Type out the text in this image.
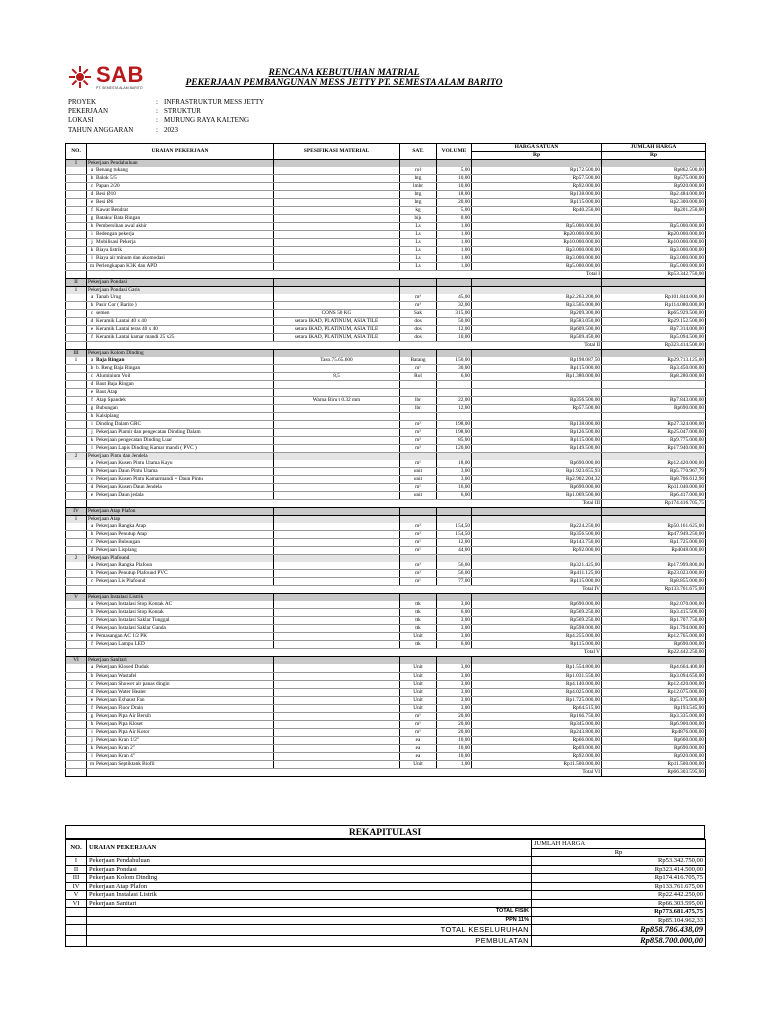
SAB
PT. SEMESTA ALAM BARITO
RENCANA KEBUTUHAN MATRIAL
PEKERJAAN PEMBANGUNAN MESS JETTY PT. SEMESTA ALAM BARITO
PROYEK	: INFRASTRUKTUR MESS JETTY
PEKERJAAN	: STRUKTUR
LOKASI	: MURUNG RAYA KALTENG
TAHUN ANGGARAN	: 2023
NO.	URAIAN PEKERJAAN	SPESIFIKASI MATERIAL	SAT.	VOLUME	HARGA SATUAN	JUMLAH HARGA
					Rp	Rp
I	Pekerjaan Pendahuluan					
	a Benang tukang		rol	5,00	Rp172.500,00	Rp862.500,00
	b Balok 5/5		btg	10,00	Rp57.500,00	Rp575.000,00
	c Papan 2/20		lmbr	10,00	Rp92.000,00	Rp920.000,00
	d Besi Ø10		btg	18,00	Rp138.000,00	Rp2.484.000,00
	e Besi Ø6		btg	20,00	Rp115.000,00	Rp2.300.000,00
	f Kawat Bendrat		kg	5,00	Rp40.250,00	Rp201.250,00
	g Bataku/ Bata Ringan		bijı	0,00		
	h Pembersihan awal akhir		Ls	1,00	Rp5.000.000,00	Rp5.000.000,00
	i Bedengan pekerja		Ls	1,00	Rp20.000.000,00	Rp20.000.000,00
	j Mobilisasi Pekerja		Ls	1,00	Rp10.000.000,00	Rp10.000.000,00
	k Biaya listrik		Ls	1,00	Rp3.000.000,00	Rp3.000.000,00
	l Biaya air minum dan akomodasi		Ls	1,00	Rp3.000.000,00	Rp3.000.000,00
	m Perlengkapan K3K dan APD		Ls	1,00	Rp5.000.000,00	Rp5.000.000,00
	Total I					Rp53.342.750,00
II	Pekerjaan Pondasi					
1	Pekerjaan Pondasi Garis					
	a Tanah Urug		m³	45,00	Rp2.263.200,00	Rp101.844.000,00
	b Pasir Cor ( Barito )		m³	32,00	Rp3.565.000,00	Rp114.080.000,00
	c semen	CONS 50 KG	Sak	315,00	Rp209.300,00	Rp65.929.500,00
	d Keramik Lantai 40 x 40	setara IKAD, PLATINUM, ASIA TILE	dos	50,00	Rp583.050,00	Rp29.152.500,00
	e Keramik Lantai teras 40 x 40	setara IKAD, PLATINUM, ASIA TILE	dos	12,00	Rp609.500,00	Rp7.314.000,00
	f Keramik Lantai kamar mandi 25 x25	setara IKAD, PLATINUM, ASIA TILE	dos	10,00	Rp509.450,00	Rp5.094.500,00
	Total II					Rp323.414.500,00
III	Pekerjaan Kolom Dinding					
1	a Baja Ringan	Taso.75.65.600	Batang	150,00	Rp198.087,50	Rp29.713.125,00
	b b. Reng Baja Ringan		m¹	30,00	Rp115.000,00	Rp3.450.000,00
	c Aluminium Voil	8,5	Rol	6,00	Rp1.380.000,00	Rp8.280.000,00
	d Baut Baja Ringan					
	e Baut Atap					
	f Atap Spandek	Warna Biru t 0.32 mm	lbr	22,00	Rp356.500,00	Rp7.843.000,00
	g Bubungan		lbr	12,00	Rp57.500,00	Rp690.000,00
	h Kalsiplang					
	i Dinding Dalam GRC		m²	198,00	Rp138.000,00	Rp27.324.000,00
	j Pekerjaan Plamir dan pengecatan Dinding Dalam		m²	198,00	Rp126.500,00	Rp25.047.000,00
	k Pekerjaan pengecatan Dinding Luar		m²	85,00	Rp115.000,00	Rp9.775.000,00
	l Pekerjaan Lapis Dinding Kamar mandi ( PVC )		m²	120,00	Rp149.500,00	Rp17.940.000,00
2	Pekerjaan Pintu dan Jendela					
	a Pekerjaan Kusen Pintu Utama Kayu		m¹	18,00	Rp690.000,00	Rp12.420.000,00
	b Pekerjaan Daun Pintu Utama		unit	3,00	Rp1.923.655,93	Rp5.770.967,79
	c Pekerjaan Kusen Pintu Kamarmandi + Daun Pintu		unit	3,00	Rp2.902.204,32	Rp8.706.612,96
	d Pekerjaan Kusen Daun Jendela		m¹	16,00	Rp690.000,00	Rp11.040.000,00
	e Pekerjaan Daun jedala		unit	6,00	Rp1.069.500,00	Rp6.417.000,00
	Total III					Rp174.416.705,75
IV	Pekerjaan Atap Plafon					
1	Pekerjaan Atap					
	a Pekerjaan Rangka Atap		m²	154,50	Rp224.250,00	Rp50.161.625,00
	b Pekerjaan Penutup Atap		m²	154,50	Rp356.500,00	Rp47.949.250,00
	c Pekerjaan Bubungan		m¹	12,00	Rp143.750,00	Rp1.725.000,00
	d Pekerjaan Lisplang		m¹	44,00	Rp92.000,00	Rp4048.000,00
2	Pekerjaan Plafound					
	a Pekerjaan Rangka Plafoun		m²	56,00	Rp321.425,00	Rp17.999.800,00
	b Pekerjaan Penutup Plafound PVC		m²	56,00	Rp411.125,00	Rp23.023.000,00
	c Pekerjaan Lis Plafound		m¹	77,00	Rp115.000,00	Rp8.855.000,00
	Total IV					Rp133.761.675,00
V	Pekerjaan Instalasi Listrik					
	a Pekerjaan Instalasi Stop Kontak AC		ttk	3,00	Rp690.000,00	Rp2.070.000,00
	b Pekerjaan Instalasi Stop Kontak		ttk	6,00	Rp569.250,00	Rp3.415.500,00
	c Pekerjaan Instalasi Saklar Tunggal		ttk	3,00	Rp569.250,00	Rp1.707.750,00
	d Pekerjaan Instalasi Saklar Ganda		ttk	3,00	Rp598.000,00	Rp1.794.000,00
	e Pemasangan AC 1/2 PK		Unit	3,00	Rp4.255.000,00	Rp12.765.000,00
	f Pekerjaan Lampu LED		ttk	6,00	Rp115.000,00	Rp690.000,00
	Total V					Rp22.442.250,00
VI	Pekerjaan Sanitari					
	a Pekerjaan Klosed Duduk		Unit	3,00	Rp1.554.800,00	Rp4.664.400,00
	b Pekerjaan Wastafel		Unit	3,00	Rp1.031.550,00	Rp3.094.650,00
	c Pekerjaan Shower air panas dingin		Unit	3,00	Rp4.140.000,00	Rp12.420.000,00
	d Pekerjaan Water Heater		Unit	3,00	Rp4.025.000,00	Rp12.075.000,00
	e Pekerjaan Exhaust Fan		Unit	3,00	Rp1.725.000,00	Rp5.175.000,00
	f Pekerjaan Floor Drain		Unit	3,00	Rp64.515,00	Rp193.545,00
	g Pekerjaan Pipa Air Bersih		m¹	20,00	Rp166.750,00	Rp3.335.000,00
	h Pekerjaan Pipa Kloset		m¹	20,00	Rp345.000,00	Rp6.900.000,00
	i Pekerjaan Pipa Air Kotor		m¹	20,00	Rp243.800,00	Rp4876.000,00
	j Pekerjaan Kran 1/2"		ea	10,00	Rp66.000,00	Rp660.000,00
	k Pekerjaan Kran 2"		ea	10,00	Rp69.000,00	Rp690.000,00
	l Pekerjaan Kran 4"		ea	10,00	Rp92.000,00	Rp920.000,00
	m Pekerjaan Septiktank Biofil		Unit	1,00	Rp11.500.000,00	Rp11.500.000,00
	Total VI					Rp66.303.595,00
REKAPITULASI
NO.	URAIAN PEKERJAAN	JUMLAH HARGA
		Rp
I	Pekerjaan Pendahuluan	Rp53.342.750,00
II	Pekerjaan Pondasi	Rp323.414.500,00
III	Pekerjaan Kolom Dinding	Rp174.416.705,75
IV	Pekerjaan Atap Plafon	Rp133.761.675,00
V	Pekerjaan Instalasi Listrik	Rp22.442.250,00
VI	Pekerjaan Sanitari	Rp66.303.595,00
	TOTAL FISIK	Rp773.681.475,75
	PPN 11%	Rp85.104.962,33
	TOTAL KESELURUHAN	Rp858.786.438,09
	PEMBULATAN	Rp858.700.000,00
